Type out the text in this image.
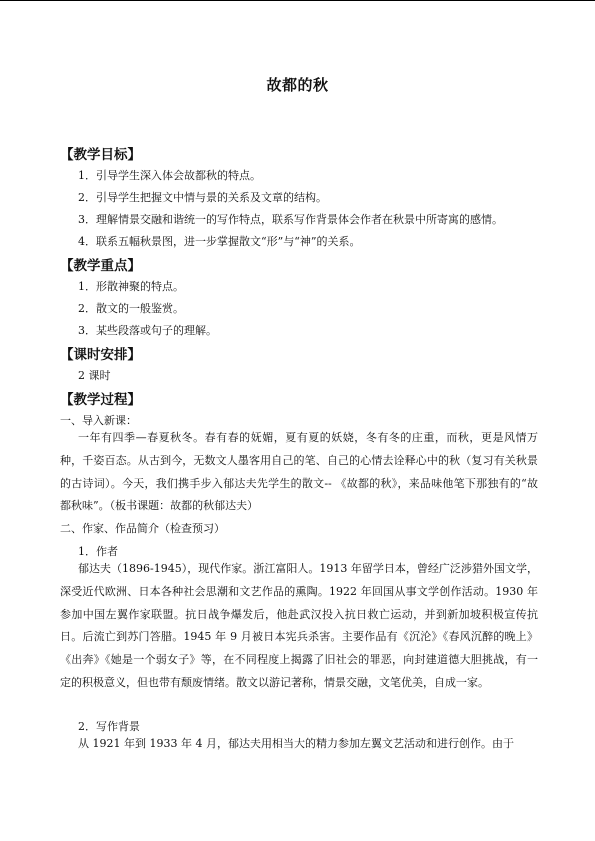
故都的秋
【教学目标】
1．引导学生深入体会故都秋的特点。
2．引导学生把握文中情与景的关系及文章的结构。
3．理解情景交融和谐统一的写作特点，联系写作背景体会作者在秋景中所寄寓的感情。
4．联系五幅秋景图，进一步掌握散文“形”与“神”的关系。
【教学重点】
1．形散神聚的特点。
2．散文的一般鉴赏。
3．某些段落或句子的理解。
【课时安排】
2 课时
【教学过程】
一、导入新课：

一年有四季—春夏秋冬。春有春的妩媚，夏有夏的妖娆，冬有冬的庄重，而秋，更是风情万种，千姿百态。从古到今，无数文人墨客用自己的笔、自己的心情去诠释心中的秋（复习有关秋景的古诗词）。今天，我们携手步入郁达夫先学生的散文-- 《故都的秋》，来品味他笔下那独有的“故都秋味”。（板书课题：故都的秋郁达夫）

二、作家、作品简介（检查预习）
1．作者

郁达夫（1896-1945），现代作家。浙江富阳人。1913 年留学日本，曾经广泛涉猎外国文学，深受近代欧洲、日本各种社会思潮和文艺作品的熏陶。1922 年回国从事文学创作活动。1930 年参加中国左翼作家联盟。抗日战争爆发后，他赴武汉投入抗日救亡运动，并到新加坡积极宣传抗日。后流亡到苏门答腊。1945 年 9 月被日本宪兵杀害。主要作品有《沉沦》《春风沉醉的晚上》《出奔》《她是一个弱女子》等，在不同程度上揭露了旧社会的罪恶，向封建道德大胆挑战，有一定的积极意义，但也带有颓废情绪。散文以游记著称，情景交融，文笔优美，自成一家。

2．写作背景

从 1921 年到 1933 年 4 月，郁达夫用相当大的精力参加左翼文艺活动和进行创作。由于
